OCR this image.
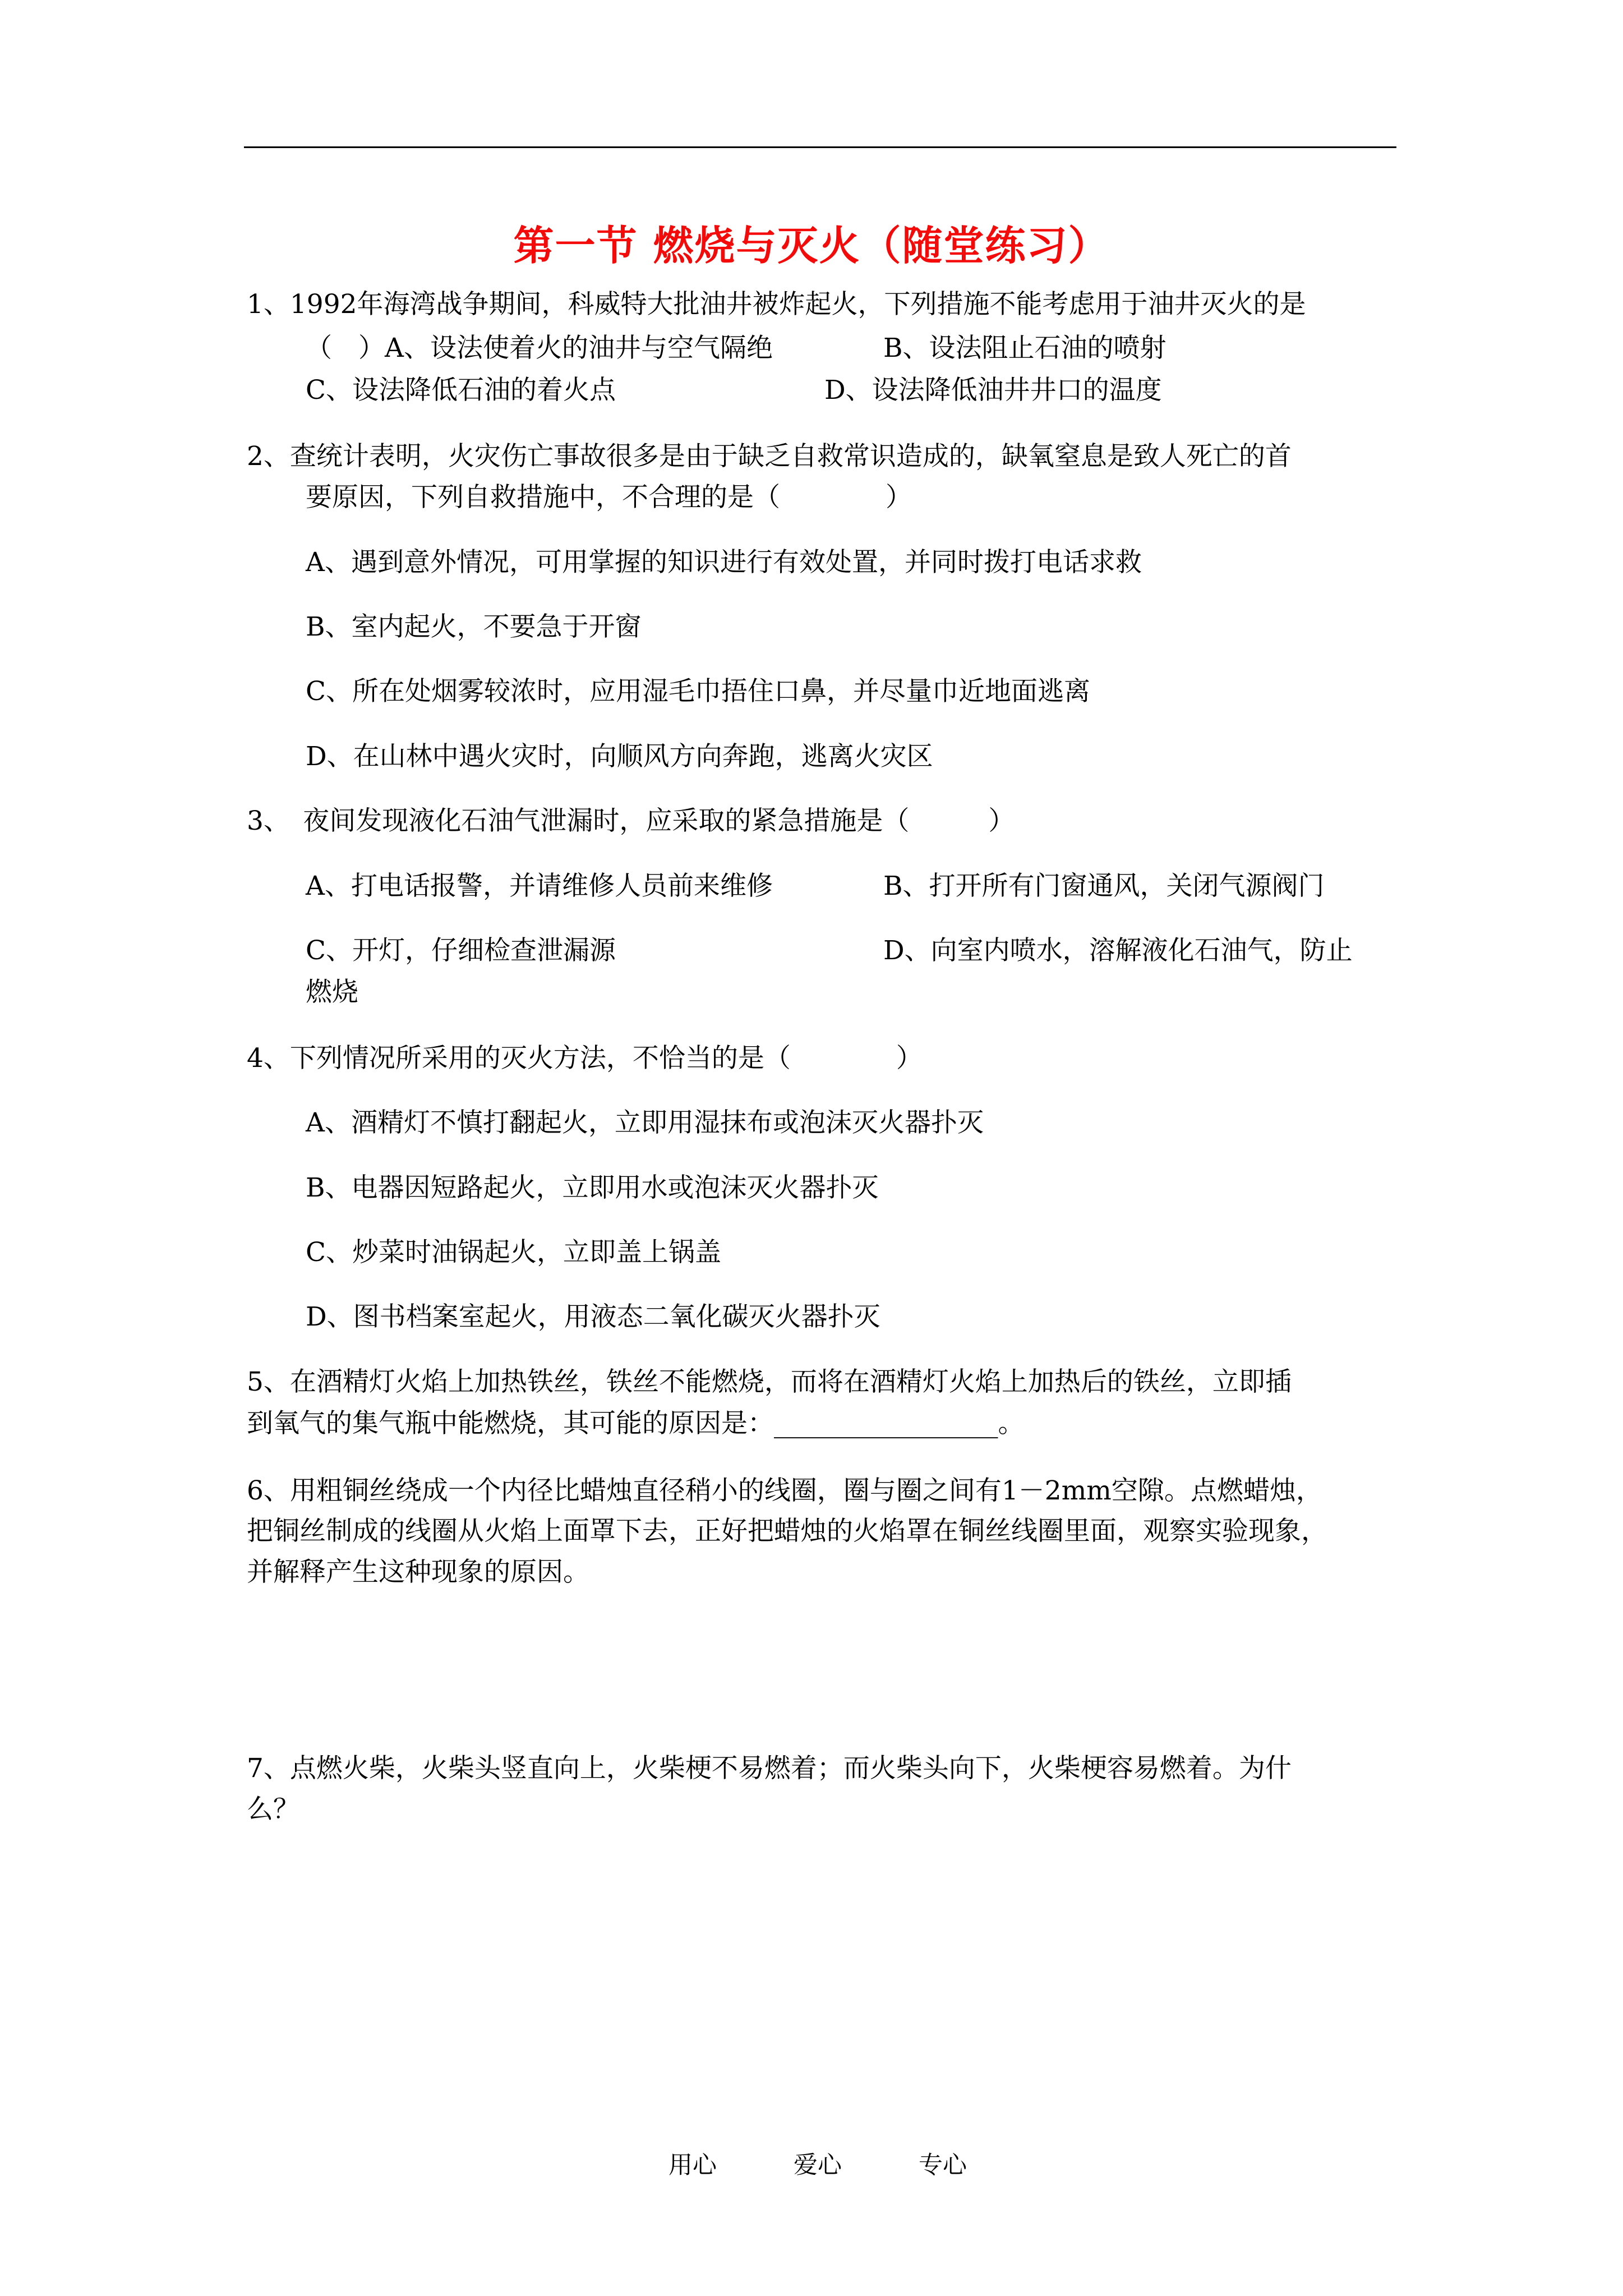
第一节 燃烧与灭火（随堂练习）
1、1992年海湾战争期间，科威特大批油井被炸起火，下列措施不能考虑用于油井灭火的是
（　）A、设法使着火的油井与空气隔绝	B、设法阻止石油的喷射
C、设法降低石油的着火点	D、设法降低油井井口的温度
2、查统计表明，火灾伤亡事故很多是由于缺乏自救常识造成的，缺氧窒息是致人死亡的首
要原因，下列自救措施中，不合理的是（　　　　）
A、遇到意外情况，可用掌握的知识进行有效处置，并同时拨打电话求救
B、室内起火，不要急于开窗
C、所在处烟雾较浓时，应用湿毛巾捂住口鼻，并尽量巾近地面逃离
D、在山林中遇火灾时，向顺风方向奔跑，逃离火灾区
3、　夜间发现液化石油气泄漏时，应采取的紧急措施是（　　　）
A、打电话报警，并请维修人员前来维修	B、打开所有门窗通风，关闭气源阀门
C、开灯，仔细检查泄漏源	D、向室内喷水，溶解液化石油气，防止
燃烧
4、下列情况所采用的灭火方法，不恰当的是（　　　　）
A、酒精灯不慎打翻起火，立即用湿抹布或泡沫灭火器扑灭
B、电器因短路起火，立即用水或泡沫灭火器扑灭
C、炒菜时油锅起火，立即盖上锅盖
D、图书档案室起火，用液态二氧化碳灭火器扑灭
5、在酒精灯火焰上加热铁丝，铁丝不能燃烧，而将在酒精灯火焰上加热后的铁丝，立即插
到氧气的集气瓶中能燃烧，其可能的原因是：_________________。
6、用粗铜丝绕成一个内径比蜡烛直径稍小的线圈，圈与圈之间有1－2mm空隙。点燃蜡烛，
把铜丝制成的线圈从火焰上面罩下去，正好把蜡烛的火焰罩在铜丝线圈里面，观察实验现象，
并解释产生这种现象的原因。
7、点燃火柴，火柴头竖直向上，火柴梗不易燃着；而火柴头向下，火柴梗容易燃着。为什
么？
用心	爱心	专心
